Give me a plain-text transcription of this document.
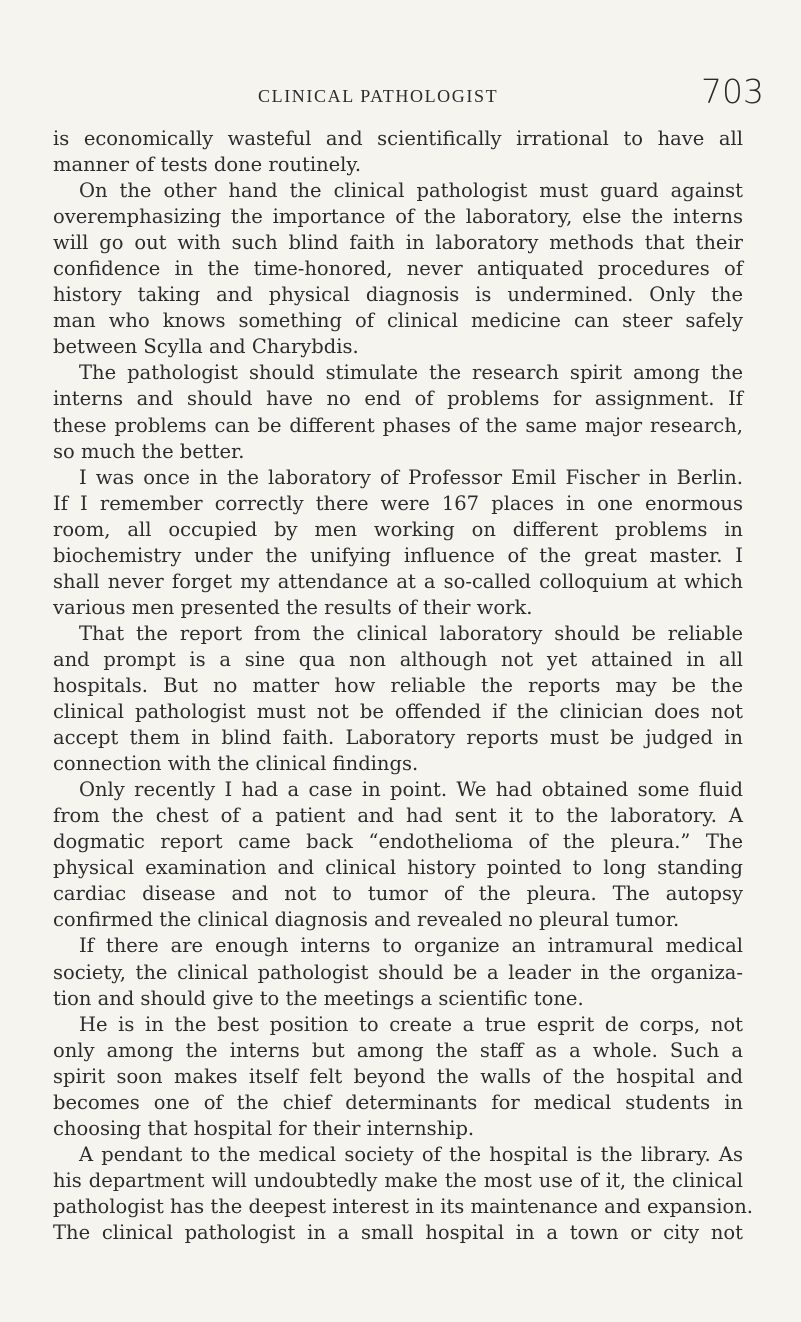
CLINICAL PATHOLOGIST	703
is economically wasteful and scientifically irrational to have all
manner of tests done routinely.
On the other hand the clinical pathologist must guard against
overemphasizing the importance of the laboratory, else the interns
will go out with such blind faith in laboratory methods that their
confidence in the time-honored, never antiquated procedures of
history taking and physical diagnosis is undermined. Only the
man who knows something of clinical medicine can steer safely
between Scylla and Charybdis.
The pathologist should stimulate the research spirit among the
interns and should have no end of problems for assignment. If
these problems can be different phases of the same major research,
so much the better.
I was once in the laboratory of Professor Emil Fischer in Berlin.
If I remember correctly there were 167 places in one enormous
room, all occupied by men working on different problems in
biochemistry under the unifying influence of the great master. I
shall never forget my attendance at a so-called colloquium at which
various men presented the results of their work.
That the report from the clinical laboratory should be reliable
and prompt is a sine qua non although not yet attained in all
hospitals. But no matter how reliable the reports may be the
clinical pathologist must not be offended if the clinician does not
accept them in blind faith. Laboratory reports must be judged in
connection with the clinical findings.
Only recently I had a case in point. We had obtained some fluid
from the chest of a patient and had sent it to the laboratory. A
dogmatic report came back “endothelioma of the pleura.” The
physical examination and clinical history pointed to long standing
cardiac disease and not to tumor of the pleura. The autopsy
confirmed the clinical diagnosis and revealed no pleural tumor.
If there are enough interns to organize an intramural medical
society, the clinical pathologist should be a leader in the organiza-
tion and should give to the meetings a scientific tone.
He is in the best position to create a true esprit de corps, not
only among the interns but among the staff as a whole. Such a
spirit soon makes itself felt beyond the walls of the hospital and
becomes one of the chief determinants for medical students in
choosing that hospital for their internship.
A pendant to the medical society of the hospital is the library. As
his department will undoubtedly make the most use of it, the clinical
pathologist has the deepest interest in its maintenance and expansion.
The clinical pathologist in a small hospital in a town or city not
